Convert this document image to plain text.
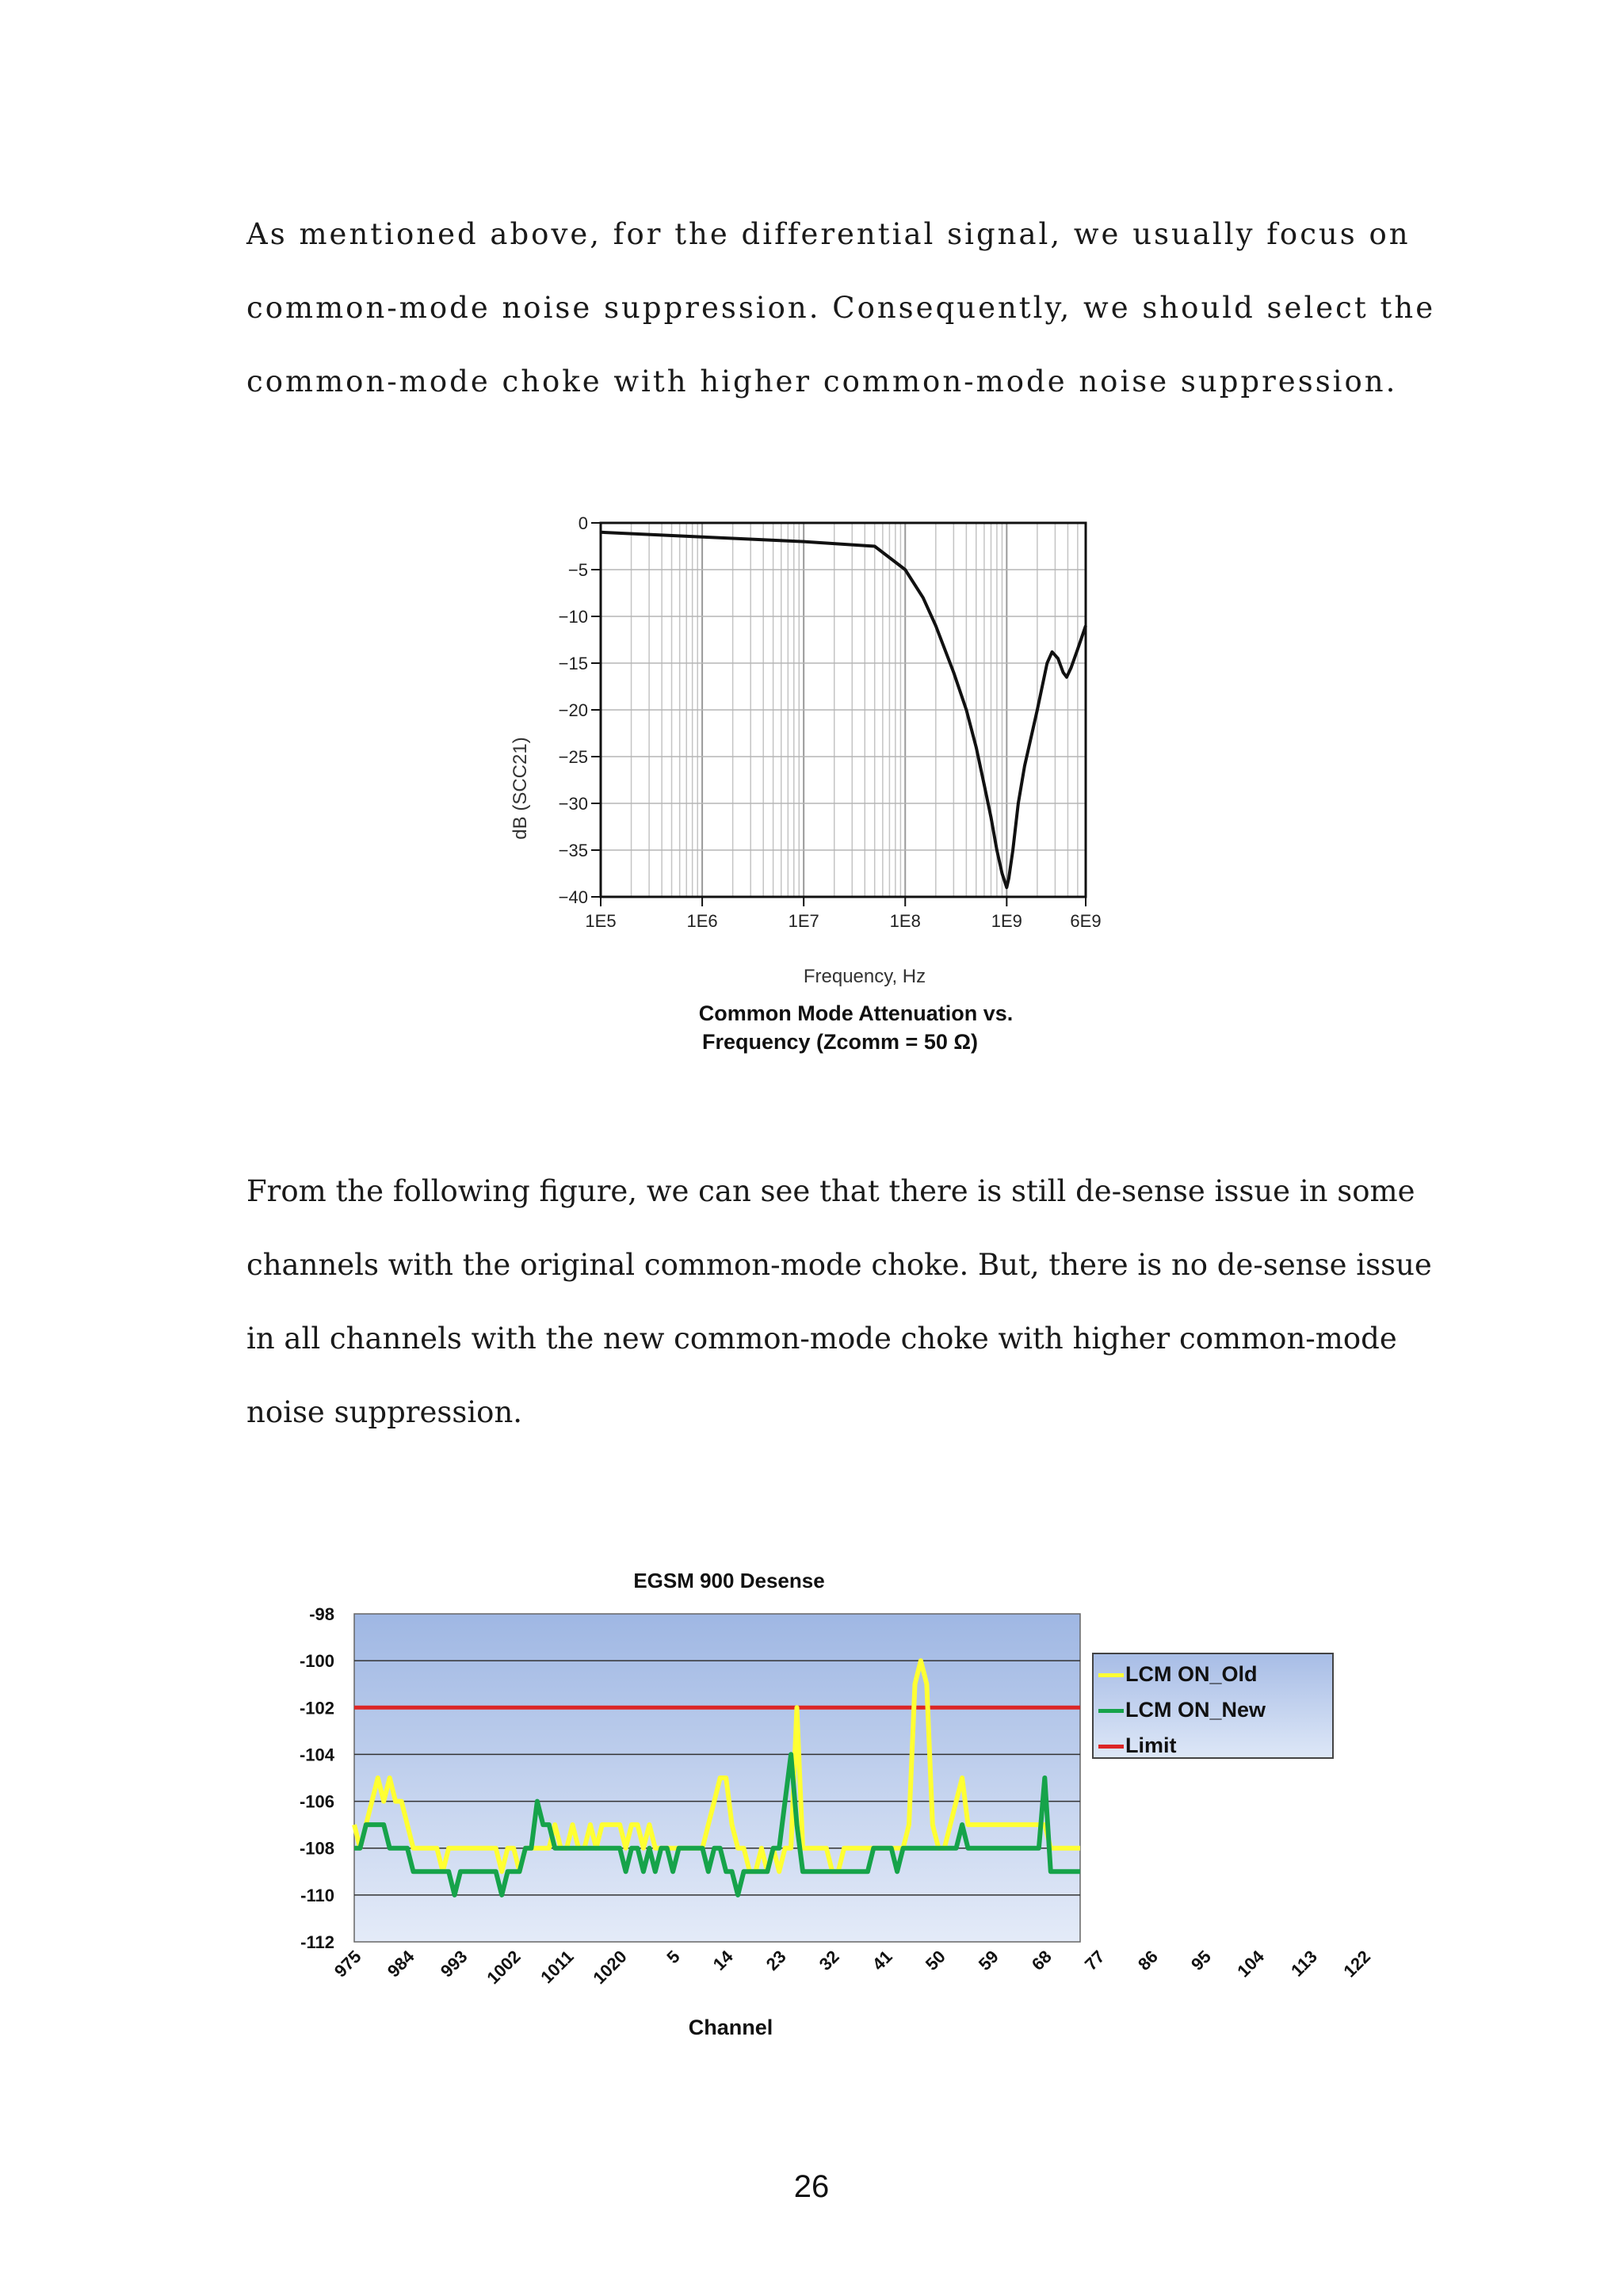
As mentioned above, for the differential signal, we usually focus on
common-mode noise suppression. Consequently, we should select the
common-mode choke with higher common-mode noise suppression.
0
−5
−10
−15
−20
−25
−30
−35
−40
1E5	1E6	1E7	1E8	1E9	6E9
Frequency, Hz
dB (SCC21)
Common Mode Attenuation vs.
Frequency (Zcomm = 50 Ω)
From the following figure, we can see that there is still de-sense issue in some
channels with the original common-mode choke. But, there is no de-sense issue
in all channels with the new common-mode choke with higher common-mode
noise suppression.
EGSM 900 Desense
-98
-100
-102
-104
-106
-108
-110
-112
975 984 993 1002 1011 1020 5 14 23 32 41 50 59 68 77 86 95 104 113 122
Channel
LCM ON_Old
LCM ON_New
Limit
26
